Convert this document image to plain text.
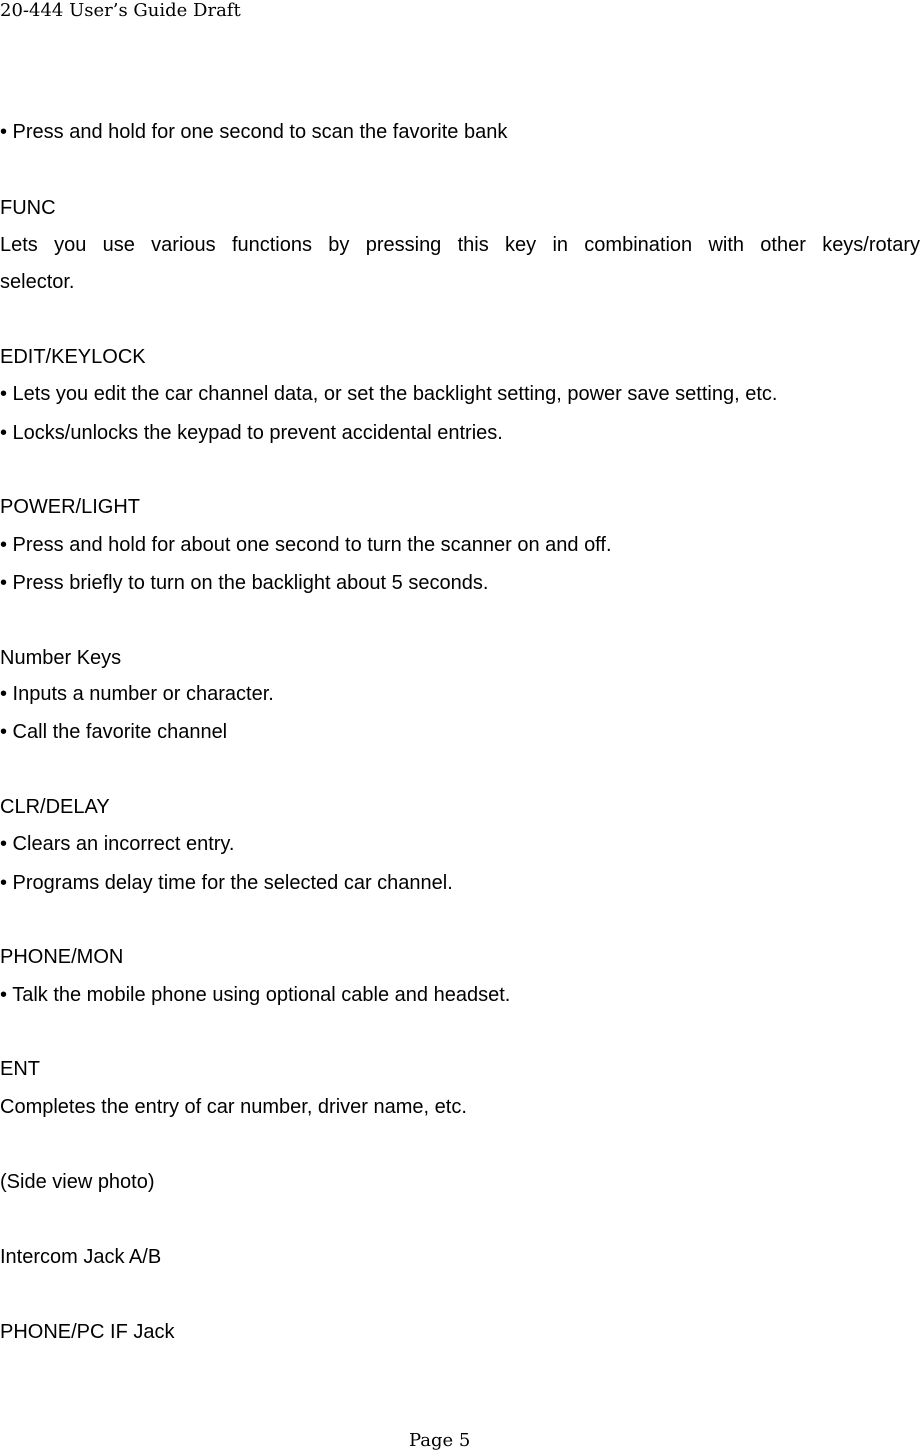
20-444 User’s Guide Draft
• Press and hold for one second to scan the favorite bank
FUNC
Lets you use various functions by pressing this key in combination with other keys/rotary
selector.
EDIT/KEYLOCK
• Lets you edit the car channel data, or set the backlight setting, power save setting, etc.
• Locks/unlocks the keypad to prevent accidental entries.
POWER/LIGHT
• Press and hold for about one second to turn the scanner on and off.
• Press briefly to turn on the backlight about 5 seconds.
Number Keys
• Inputs a number or character.
• Call the favorite channel
CLR/DELAY
• Clears an incorrect entry.
• Programs delay time for the selected car channel.
PHONE/MON
• Talk the mobile phone using optional cable and headset.
ENT
Completes the entry of car number, driver name, etc.
(Side view photo)
Intercom Jack A/B
PHONE/PC IF Jack
Page 5
